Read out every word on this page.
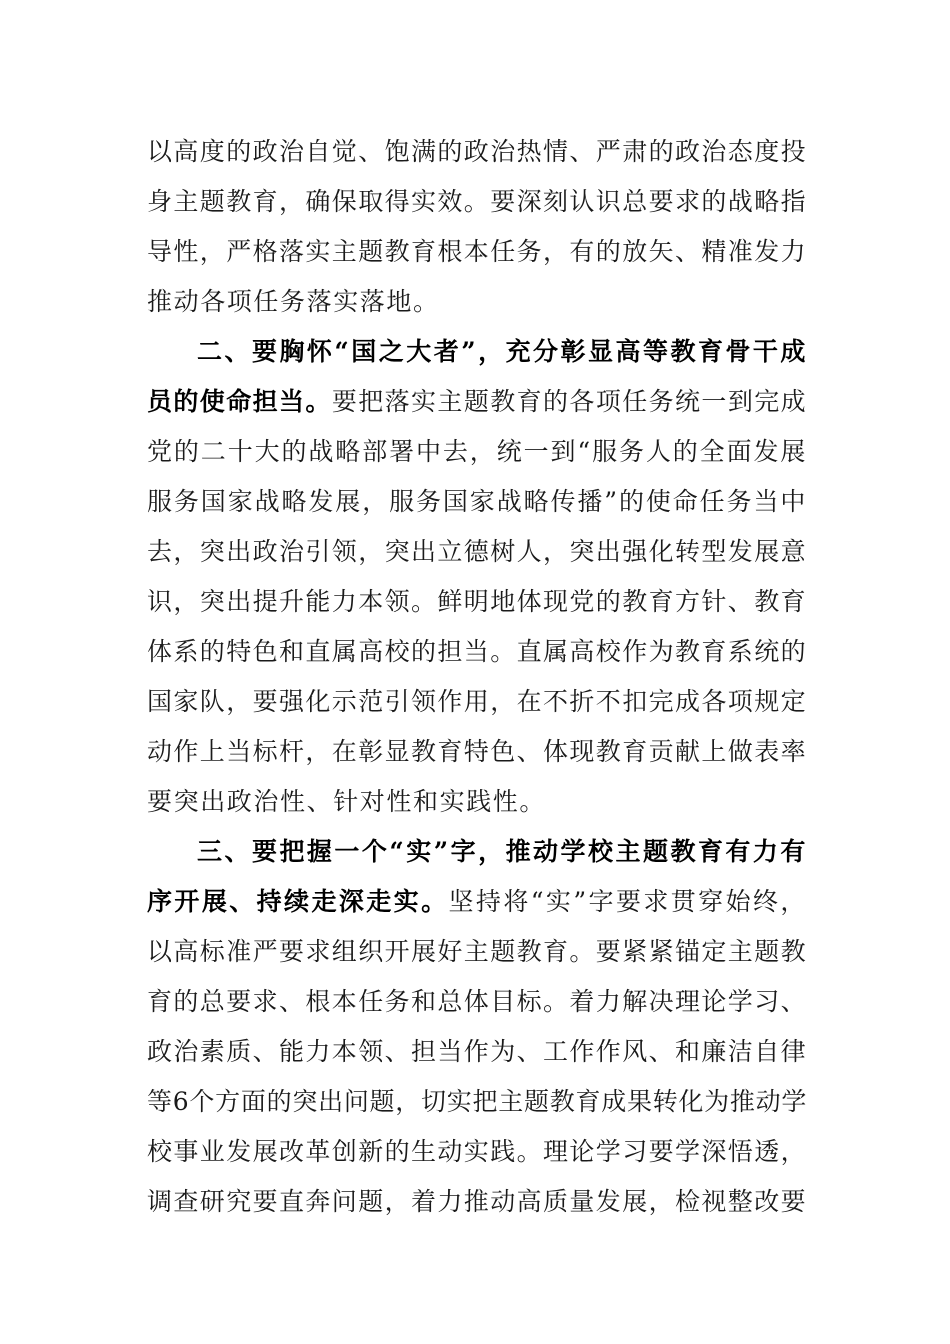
以高度的政治自觉、饱满的政治热情、严肃的政治态度投
身主题教育，确保取得实效。要深刻认识总要求的战略指
导性，严格落实主题教育根本任务，有的放矢、精准发力
推动各项任务落实落地。
二、要胸怀“国之大者”，充分彰显高等教育骨干成
员的使命担当。要把落实主题教育的各项任务统一到完成
党的二十大的战略部署中去，统一到“服务人的全面发展
服务国家战略发展，服务国家战略传播”的使命任务当中
去，突出政治引领，突出立德树人，突出强化转型发展意
识，突出提升能力本领。鲜明地体现党的教育方针、教育
体系的特色和直属高校的担当。直属高校作为教育系统的
国家队，要强化示范引领作用，在不折不扣完成各项规定
动作上当标杆，在彰显教育特色、体现教育贡献上做表率
要突出政治性、针对性和实践性。
三、要把握一个“实”字，推动学校主题教育有力有
序开展、持续走深走实。坚持将“实”字要求贯穿始终，
以高标准严要求组织开展好主题教育。要紧紧锚定主题教
育的总要求、根本任务和总体目标。着力解决理论学习、
政治素质、能力本领、担当作为、工作作风、和廉洁自律
等6个方面的突出问题，切实把主题教育成果转化为推动学
校事业发展改革创新的生动实践。理论学习要学深悟透，
调查研究要直奔问题，着力推动高质量发展，检视整改要
